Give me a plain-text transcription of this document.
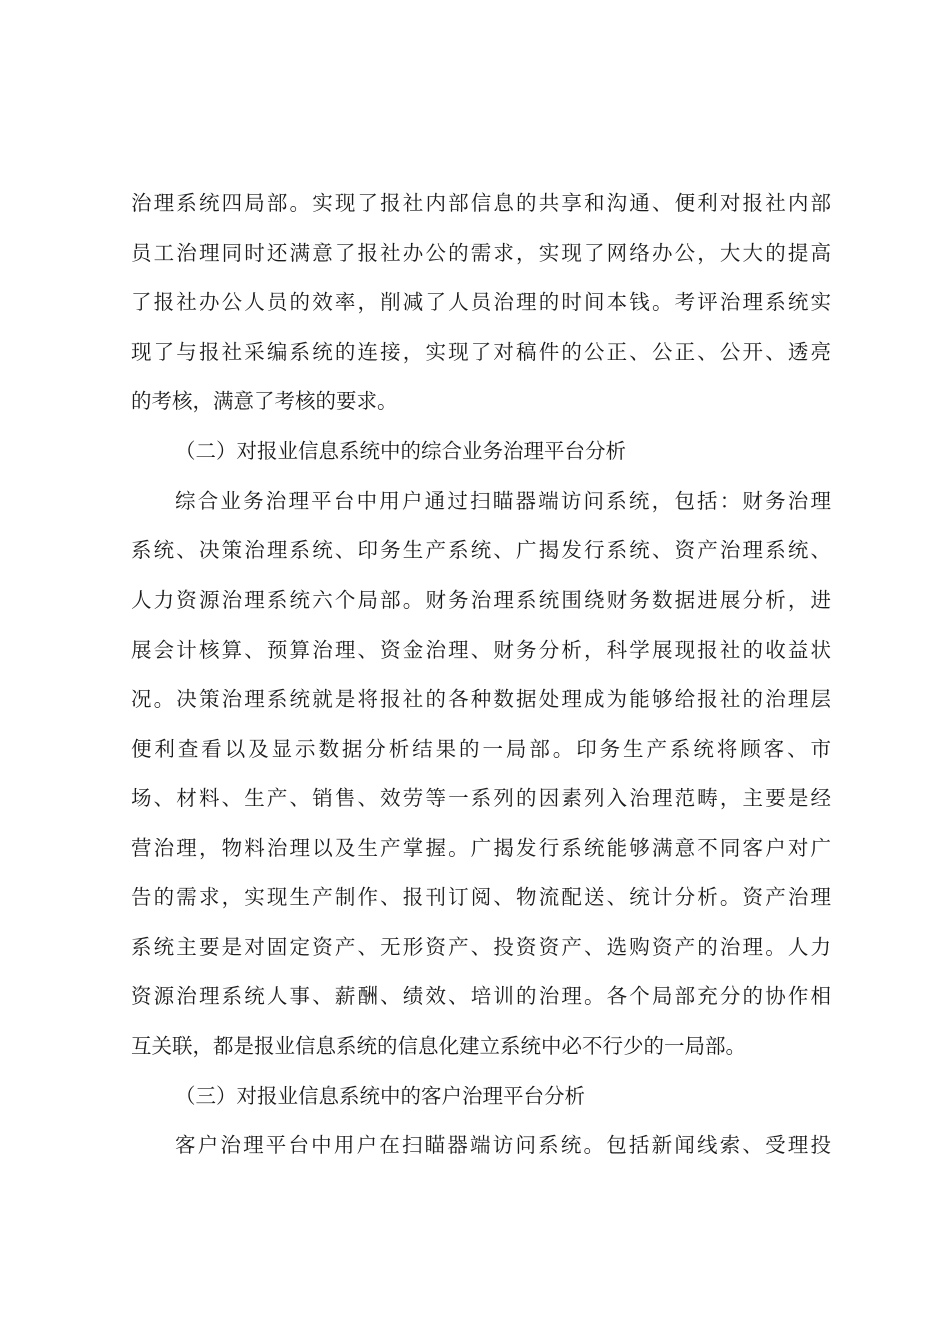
治理系统四局部。实现了报社内部信息的共享和沟通、便利对报社内部
员工治理同时还满意了报社办公的需求，实现了网络办公，大大的提高
了报社办公人员的效率，削减了人员治理的时间本钱。考评治理系统实
现了与报社采编系统的连接，实现了对稿件的公正、公正、公开、透亮
的考核，满意了考核的要求。
（二）对报业信息系统中的综合业务治理平台分析
综合业务治理平台中用户通过扫瞄器端访问系统，包括：财务治理
系统、决策治理系统、印务生产系统、广揭发行系统、资产治理系统、
人力资源治理系统六个局部。财务治理系统围绕财务数据进展分析，进
展会计核算、预算治理、资金治理、财务分析，科学展现报社的收益状
况。决策治理系统就是将报社的各种数据处理成为能够给报社的治理层
便利查看以及显示数据分析结果的一局部。印务生产系统将顾客、市
场、材料、生产、销售、效劳等一系列的因素列入治理范畴，主要是经
营治理，物料治理以及生产掌握。广揭发行系统能够满意不同客户对广
告的需求，实现生产制作、报刊订阅、物流配送、统计分析。资产治理
系统主要是对固定资产、无形资产、投资资产、选购资产的治理。人力
资源治理系统人事、薪酬、绩效、培训的治理。各个局部充分的协作相
互关联，都是报业信息系统的信息化建立系统中必不行少的一局部。
（三）对报业信息系统中的客户治理平台分析
客户治理平台中用户在扫瞄器端访问系统。包括新闻线索、受理投
